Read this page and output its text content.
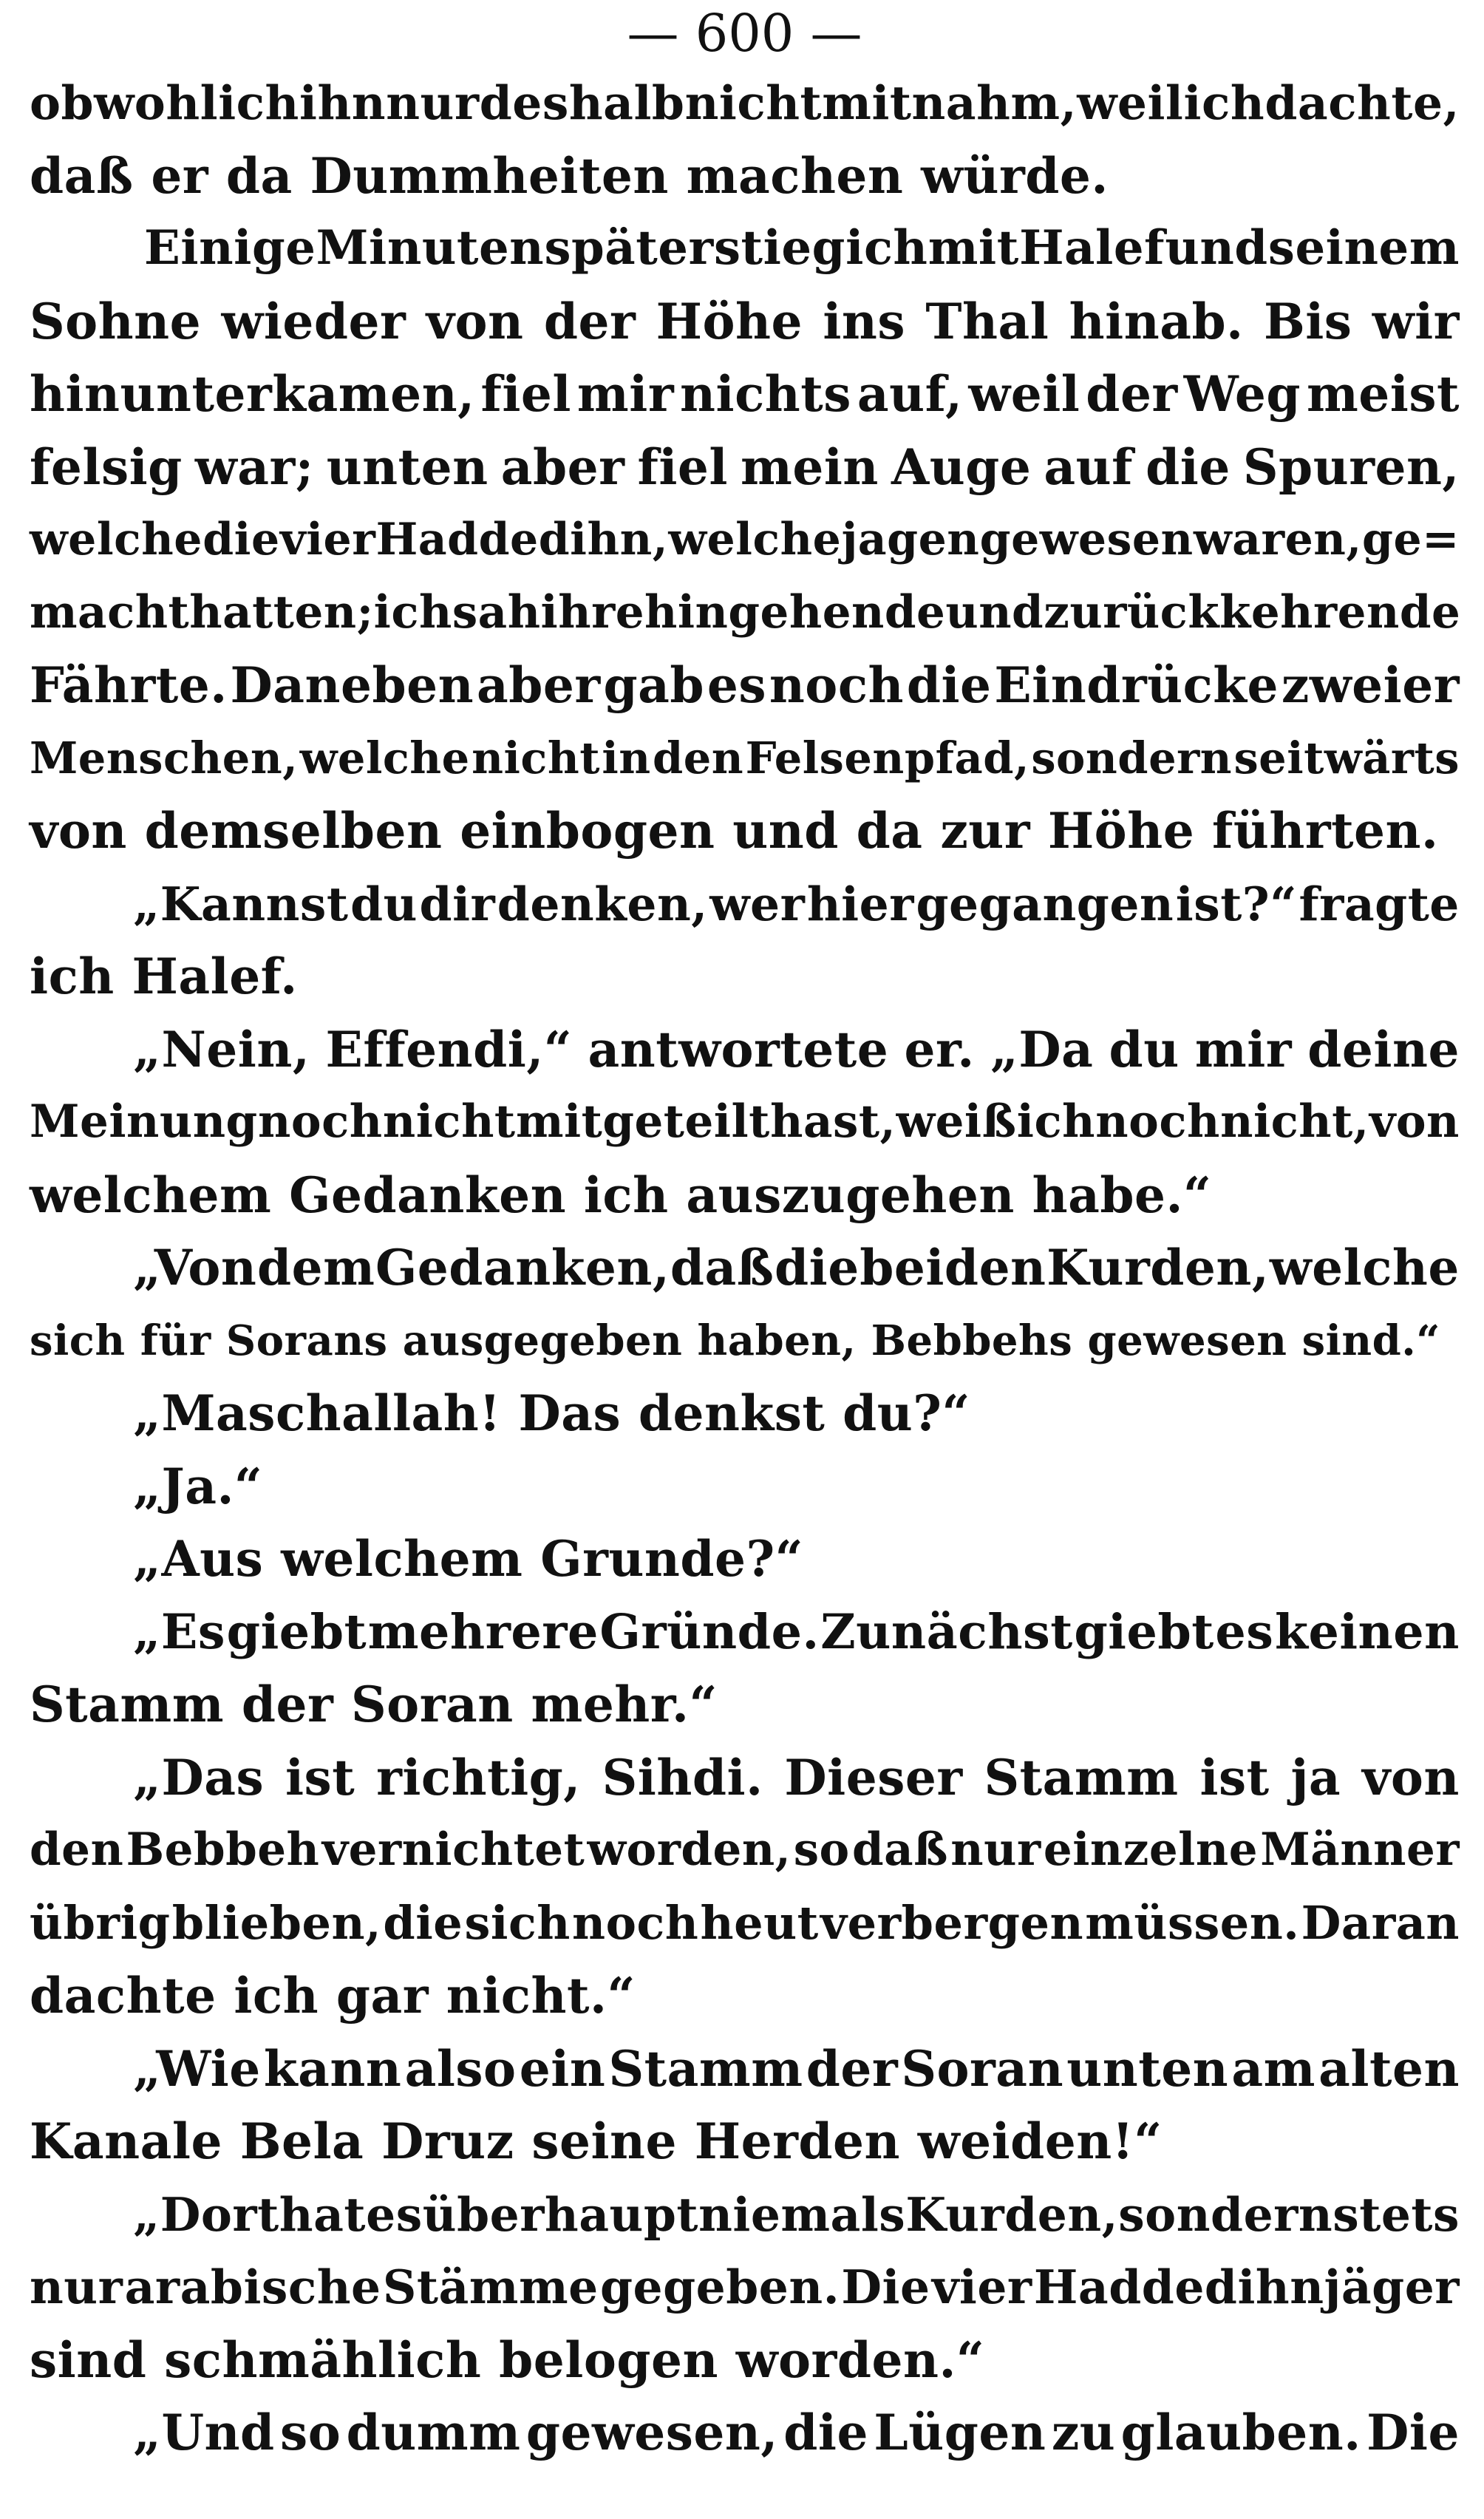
— 600 —
obwohl ich ihn nur deshalb nicht mitnahm, weil ich dachte,
daß er da Dummheiten machen würde.
Einige Minuten später stieg ich mit Halef und seinem
Sohne wieder von der Höhe ins Thal hinab. Bis wir
hinunterkamen, fiel mir nichts auf, weil der Weg meist
felsig war; unten aber fiel mein Auge auf die Spuren,
welche die vier Haddedihn, welche jagen gewesen waren, ge=
macht hatten; ich sah ihre hingehende und zurückkehrende
Fährte. Daneben aber gab es noch die Eindrücke zweier
Menschen, welche nicht in den Felsenpfad, sondern seitwärts
von demselben einbogen und da zur Höhe führten.
„Kannst du dir denken, wer hier gegangen ist?“ fragte
ich Halef.
„Nein, Effendi,“ antwortete er. „Da du mir deine
Meinung noch nicht mitgeteilt hast, weiß ich noch nicht, von
welchem Gedanken ich auszugehen habe.“
„Von dem Gedanken, daß die beiden Kurden, welche
sich für Sorans ausgegeben haben, Bebbehs gewesen sind.“
„Maschallah! Das denkst du?“
„Ja.“
„Aus welchem Grunde?“
„Es giebt mehrere Gründe. Zunächst giebt es keinen
Stamm der Soran mehr.“
„Das ist richtig, Sihdi. Dieser Stamm ist ja von
den Bebbeh vernichtet worden, so daß nur einzelne Männer
übrig blieben, die sich noch heut verbergen müssen. Daran
dachte ich gar nicht.“
„Wie kann also ein Stamm der Soran unten am alten
Kanale Bela Druz seine Herden weiden!“
„Dort hat es überhaupt niemals Kurden, sondern stets
nur arabische Stämme gegeben. Die vier Haddedihnjäger
sind schmählich belogen worden.“
„Und so dumm gewesen, die Lügen zu glauben. Die
